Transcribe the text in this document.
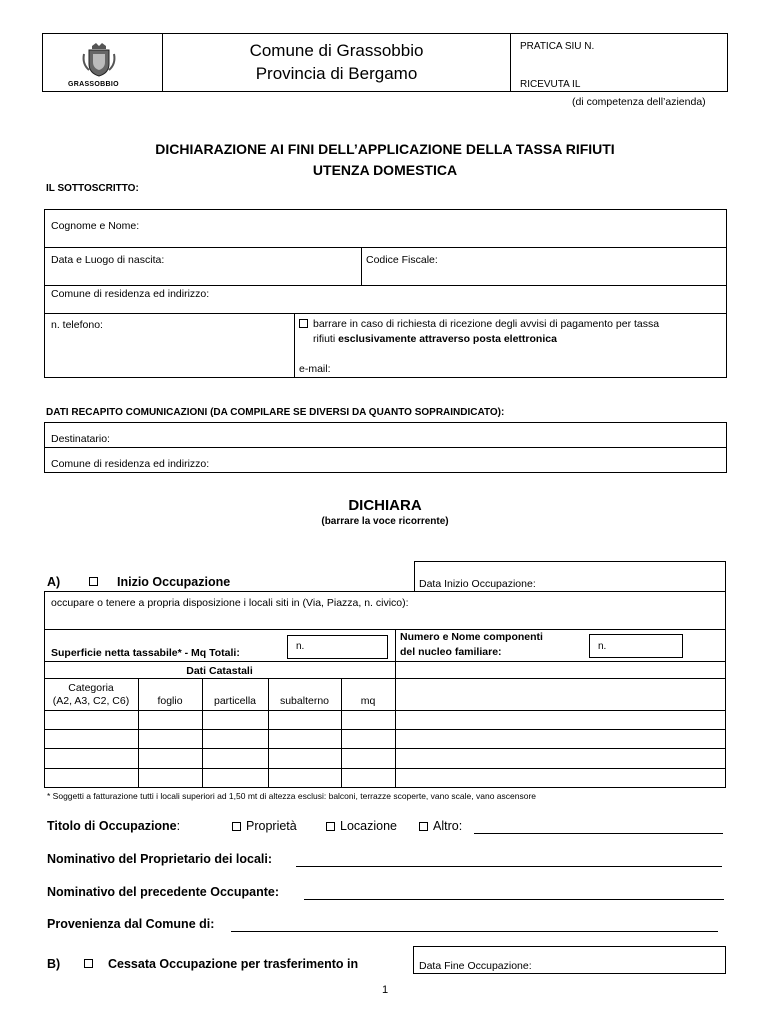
GRASSOBBIO
Comune di Grassobbio
Provincia di Bergamo
PRATICA SIU N.
RICEVUTA IL
(di competenza dell’azienda)
DICHIARAZIONE AI FINI DELL’APPLICAZIONE DELLA TASSA RIFIUTI
UTENZA DOMESTICA
IL SOTTOSCRITTO:
Cognome e Nome:
Data e Luogo di nascita:	Codice Fiscale:
Comune di residenza ed indirizzo:
n. telefono:	barrare in caso di richiesta di ricezione degli avvisi di pagamento per tassa
rifiuti esclusivamente attraverso posta elettronica
e-mail:
DATI RECAPITO COMUNICAZIONI (DA COMPILARE SE DIVERSI DA QUANTO SOPRAINDICATO):
Destinatario:
Comune di residenza ed indirizzo:
DICHIARA
(barrare la voce ricorrente)
A)	Inizio Occupazione	Data Inizio Occupazione:
occupare o tenere a propria disposizione i locali siti in (Via, Piazza, n. civico):
Superficie netta tassabile* - Mq Totali:
n.
Numero e Nome componenti
del nucleo familiare:	n.
Dati Catastali
Categoria
(A2, A3, C2, C6)	foglio	particella	subalterno	mq
* Soggetti a fatturazione tutti i locali superiori ad 1,50 mt di altezza esclusi: balconi, terrazze scoperte, vano scale, vano ascensore
Titolo di Occupazione:	Proprietà	Locazione	Altro:
Nominativo del Proprietario dei locali:
Nominativo del precedente Occupante:
Provenienza dal Comune di:
B)	Cessata Occupazione per trasferimento in	Data Fine Occupazione:
1
